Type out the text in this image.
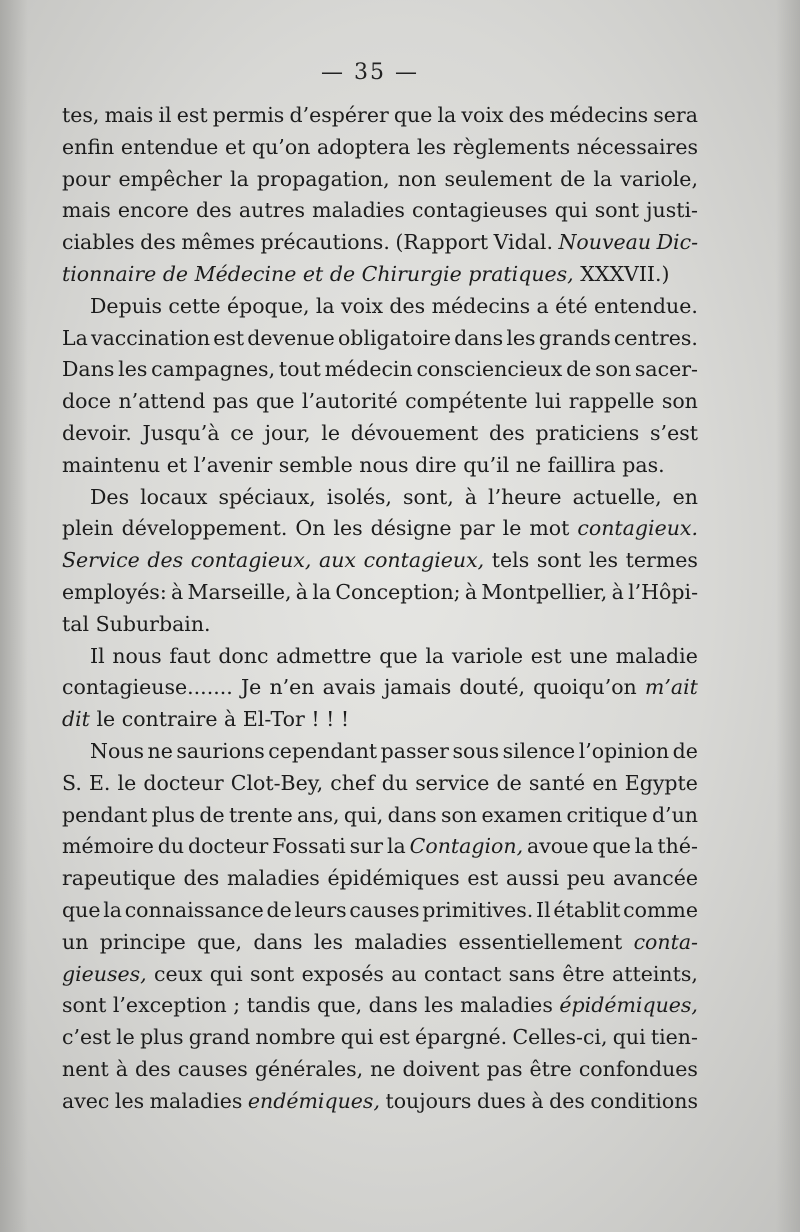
— 35 —
tes, mais il est permis d’espérer que la voix des médecins sera
enfin entendue et qu’on adoptera les règlements nécessaires
pour empêcher la propagation, non seulement de la variole,
mais encore des autres maladies contagieuses qui sont justi-
ciables des mêmes précautions. (Rapport Vidal. Nouveau Dic-
tionnaire de Médecine et de Chirurgie pratiques, XXXVII.)
Depuis cette époque, la voix des médecins a été entendue.
La vaccination est devenue obligatoire dans les grands centres.
Dans les campagnes, tout médecin consciencieux de son sacer-
doce n’attend pas que l’autorité compétente lui rappelle son
devoir. Jusqu’à ce jour, le dévouement des praticiens s’est
maintenu et l’avenir semble nous dire qu’il ne faillira pas.
Des locaux spéciaux, isolés, sont, à l’heure actuelle, en
plein développement. On les désigne par le mot contagieux.
Service des contagieux, aux contagieux, tels sont les termes
employés: à Marseille, à la Conception; à Montpellier, à l’Hôpi-
tal Suburbain.
Il nous faut donc admettre que la variole est une maladie
contagieuse....... Je n’en avais jamais douté, quoiqu’on m’ait
dit le contraire à El-Tor ! ! !
Nous ne saurions cependant passer sous silence l’opinion de
S. E. le docteur Clot-Bey, chef du service de santé en Egypte
pendant plus de trente ans, qui, dans son examen critique d’un
mémoire du docteur Fossati sur la Contagion, avoue que la thé-
rapeutique des maladies épidémiques est aussi peu avancée
que la connaissance de leurs causes primitives. Il établit comme
un principe que, dans les maladies essentiellement conta-
gieuses, ceux qui sont exposés au contact sans être atteints,
sont l’exception ; tandis que, dans les maladies épidémiques,
c’est le plus grand nombre qui est épargné. Celles-ci, qui tien-
nent à des causes générales, ne doivent pas être confondues
avec les maladies endémiques, toujours dues à des conditions
